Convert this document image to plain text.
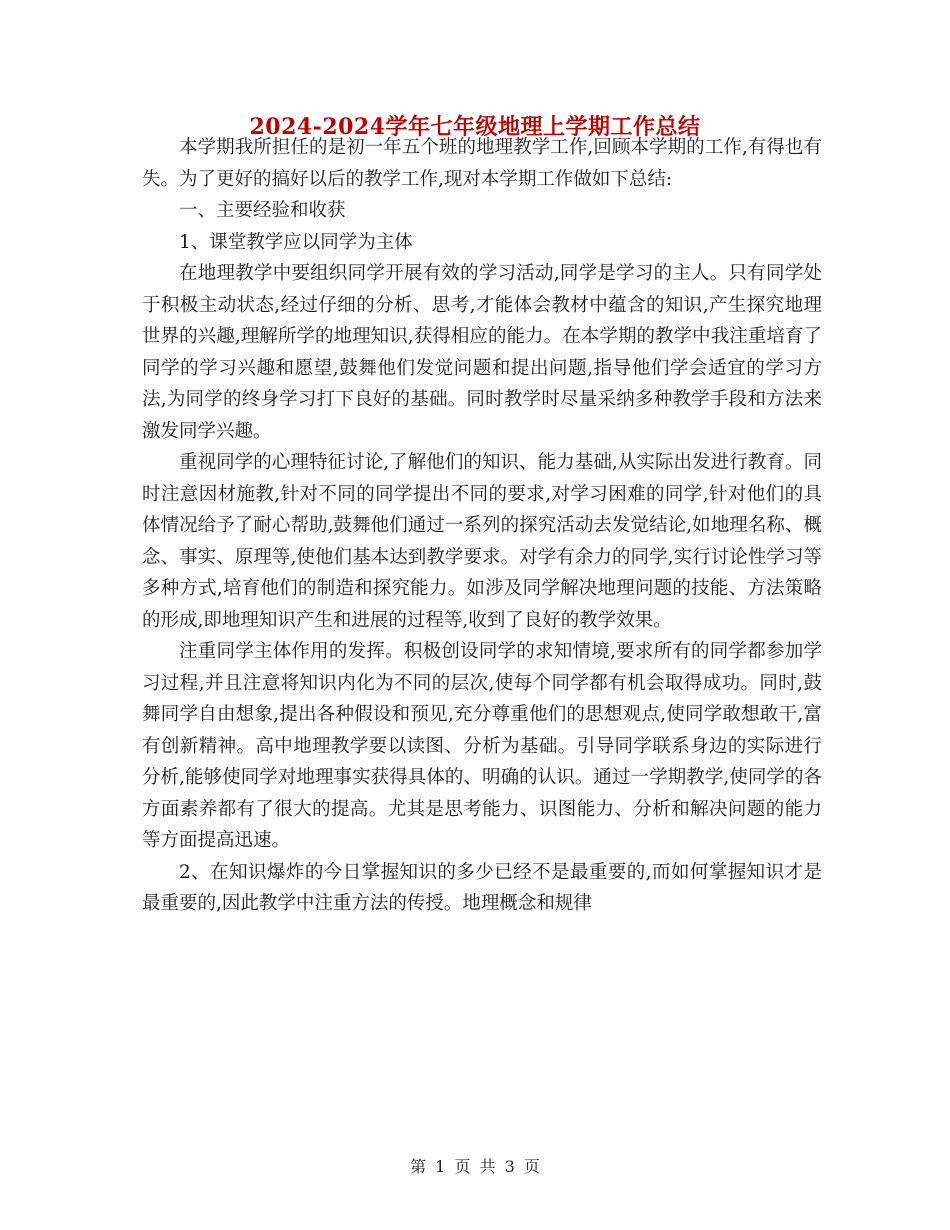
2024-2024学年七年级地理上学期工作总结

本学期我所担任的是初一年五个班的地理教学工作,回顾本学期的工作,有得也有失。为了更好的搞好以后的教学工作,现对本学期工作做如下总结:

一、主要经验和收获

1、课堂教学应以同学为主体

在地理教学中要组织同学开展有效的学习活动,同学是学习的主人。只有同学处于积极主动状态,经过仔细的分析、思考,才能体会教材中蕴含的知识,产生探究地理世界的兴趣,理解所学的地理知识,获得相应的能力。在本学期的教学中我注重培育了同学的学习兴趣和愿望,鼓舞他们发觉问题和提出问题,指导他们学会适宜的学习方法,为同学的终身学习打下良好的基础。同时教学时尽量采纳多种教学手段和方法来激发同学兴趣。

重视同学的心理特征讨论,了解他们的知识、能力基础,从实际出发进行教育。同时注意因材施教,针对不同的同学提出不同的要求,对学习困难的同学,针对他们的具体情况给予了耐心帮助,鼓舞他们通过一系列的探究活动去发觉结论,如地理名称、概念、事实、原理等,使他们基本达到教学要求。对学有余力的同学,实行讨论性学习等多种方式,培育他们的制造和探究能力。如涉及同学解决地理问题的技能、方法策略的形成,即地理知识产生和进展的过程等,收到了良好的教学效果。

注重同学主体作用的发挥。积极创设同学的求知情境,要求所有的同学都参加学习过程,并且注意将知识内化为不同的层次,使每个同学都有机会取得成功。同时,鼓舞同学自由想象,提出各种假设和预见,充分尊重他们的思想观点,使同学敢想敢干,富有创新精神。高中地理教学要以读图、分析为基础。引导同学联系身边的实际进行分析,能够使同学对地理事实获得具体的、明确的认识。通过一学期教学,使同学的各方面素养都有了很大的提高。尤其是思考能力、识图能力、分析和解决问题的能力等方面提高迅速。

2、在知识爆炸的今日掌握知识的多少已经不是最重要的,而如何掌握知识才是最重要的,因此教学中注重方法的传授。地理概念和规律

第 1 页 共 3 页
